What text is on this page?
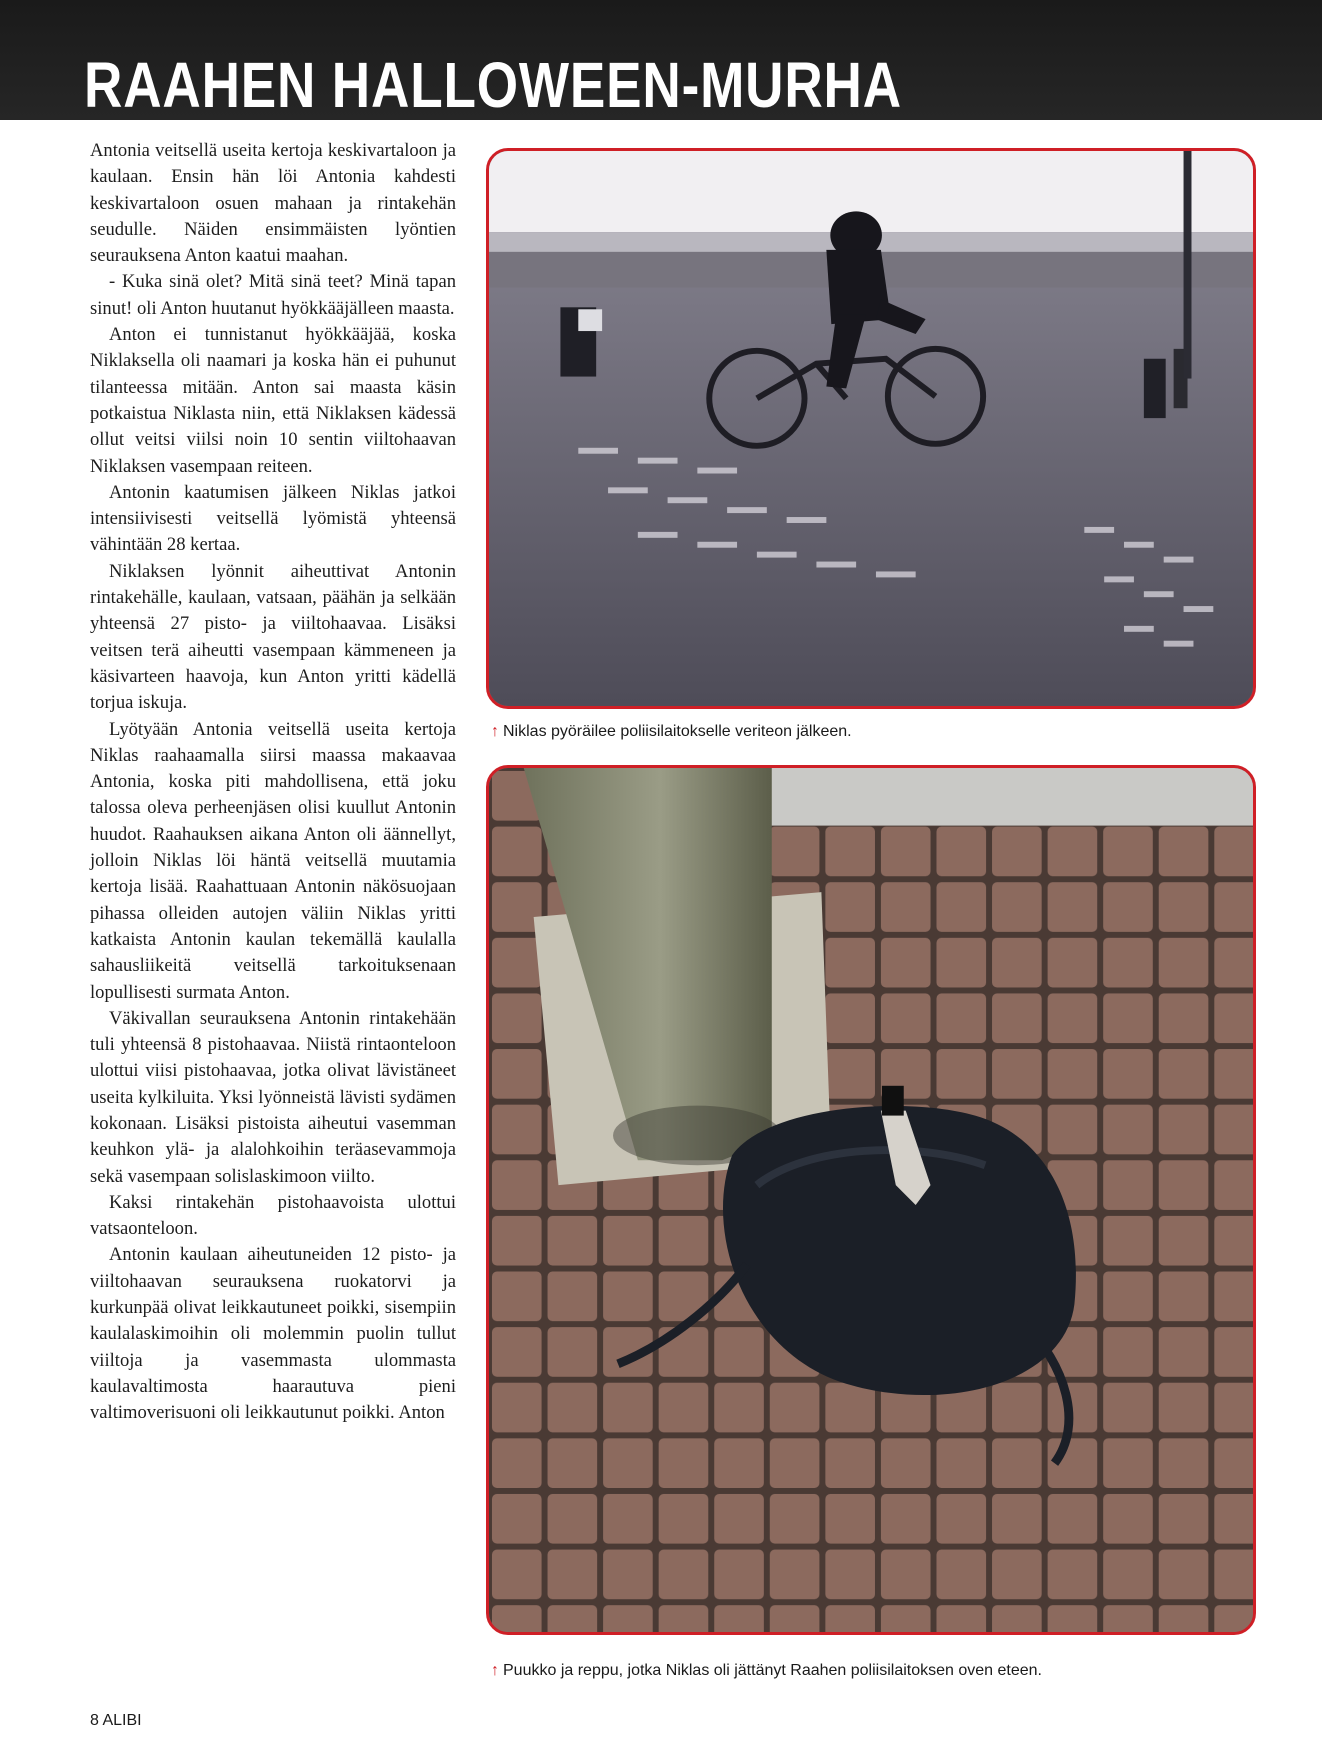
RAAHEN HALLOWEEN-MURHA

Antonia veitsellä useita kertoja keskivartaloon ja kaulaan. Ensin hän löi Antonia kahdesti keskivartaloon osuen mahaan ja rintakehän seudulle. Näiden ensimmäisten lyöntien seurauksena Anton kaatui maahan.

- Kuka sinä olet? Mitä sinä teet? Minä tapan sinut! oli Anton huutanut hyökkääjälleen maasta.

Anton ei tunnistanut hyökkääjää, koska Niklaksella oli naamari ja koska hän ei puhunut tilanteessa mitään. Anton sai maasta käsin potkaistua Niklasta niin, että Niklaksen kädessä ollut veitsi viilsi noin 10 sentin viiltohaavan Niklaksen vasempaan reiteen.

Antonin kaatumisen jälkeen Niklas jatkoi intensiivisesti veitsellä lyömistä yhteensä vähintään 28 kertaa.

Niklaksen lyönnit aiheuttivat Antonin rintakehälle, kaulaan, vatsaan, päähän ja selkään yhteensä 27 pisto- ja viiltohaavaa. Lisäksi veitsen terä aiheutti vasempaan kämmeneen ja käsivarteen haavoja, kun Anton yritti kädellä torjua iskuja.

Lyötyään Antonia veitsellä useita kertoja Niklas raahaamalla siirsi maassa makaavaa Antonia, koska piti mahdollisena, että joku talossa oleva perheenjäsen olisi kuullut Antonin huudot. Raahauksen aikana Anton oli äännellyt, jolloin Niklas löi häntä veitsellä muutamia kertoja lisää. Raahattuaan Antonin näkösuojaan pihassa olleiden autojen väliin Niklas yritti katkaista Antonin kaulan tekemällä kaulalla sahausliikeitä veitsellä tarkoituksenaan lopullisesti surmata Anton.

Väkivallan seurauksena Antonin rintakehään tuli yhteensä 8 pistohaavaa. Niistä rintaonteloon ulottui viisi pistohaavaa, jotka olivat lävistäneet useita kylkiluita. Yksi lyönneistä lävisti sydämen kokonaan. Lisäksi pistoista aiheutui vasemman keuhkon ylä- ja alalohkoihin teräasevammoja sekä vasempaan solislaskimoon viilto.

Kaksi rintakehän pistohaavoista ulottui vatsaonteloon.

Antonin kaulaan aiheutuneiden 12 pisto- ja viiltohaavan seurauksena ruokatorvi ja kurkunpää olivat leikkautuneet poikki, sisempiin kaulalaskimoihin oli molemmin puolin tullut viiltoja ja vasemmasta ulommasta kaulavaltimosta haarautuva pieni valtimoverisuoni oli leikkautunut poikki. Anton

↑ Niklas pyöräilee poliisilaitokselle veriteon jälkeen.
↑ Puukko ja reppu, jotka Niklas oli jättänyt Raahen poliisilaitoksen oven eteen.
8 ALIBI
